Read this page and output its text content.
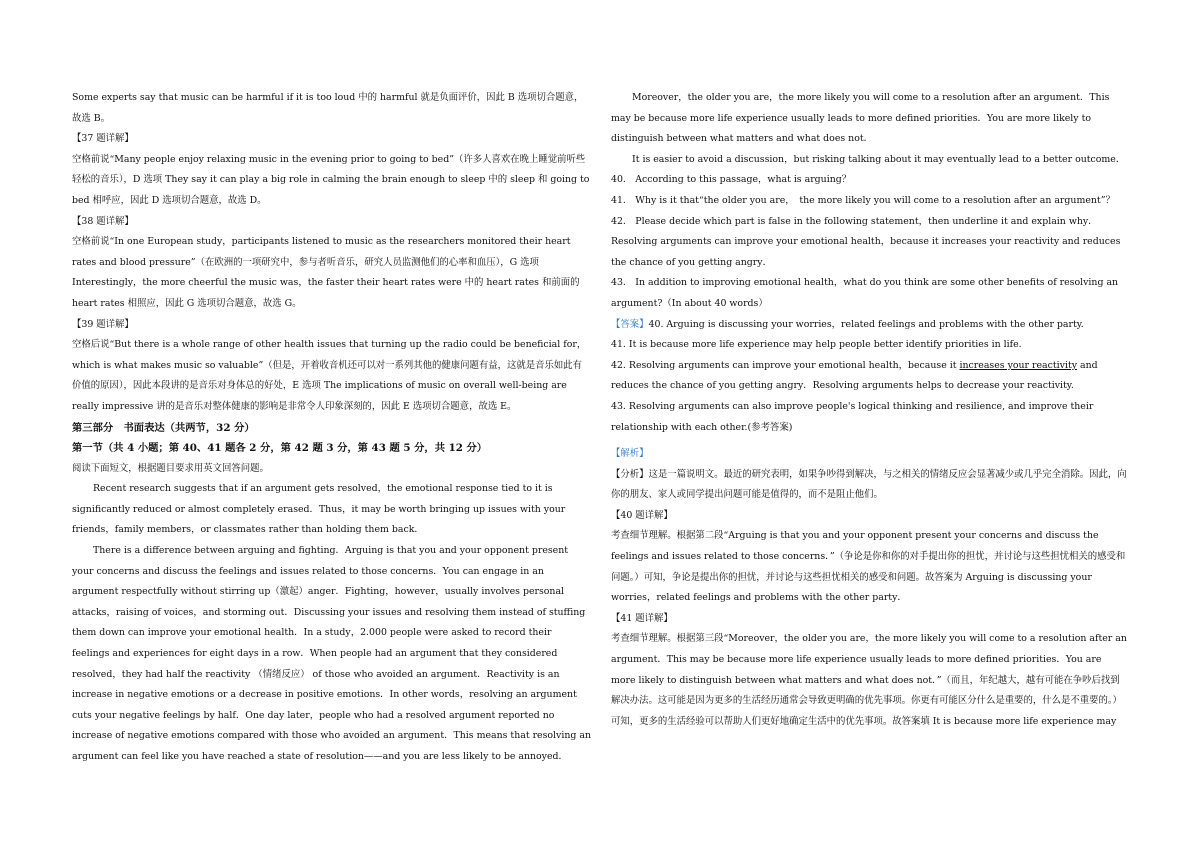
Some experts say that music can be harmful if it is too loud 中的 harmful 就是负面评价，因此 B 选项切合题意，故选 B。

【37 题详解】

空格前说“Many people enjoy relaxing music in the evening prior to going to bed”（许多人喜欢在晚上睡觉前听些轻松的音乐），D 选项 They say it can play a big role in calming the brain enough to sleep 中的 sleep 和 going to bed 相呼应，因此 D 选项切合题意，故选 D。

【38 题详解】

空格前说“In one European study，participants listened to music as the researchers monitored their heart rates and blood pressure”（在欧洲的一项研究中，参与者听音乐，研究人员监测他们的心率和血压），G 选项 Interestingly，the more cheerful the music was，the faster their heart rates were 中的 heart rates 和前面的 heart rates 相照应，因此 G 选项切合题意，故选 G。

【39 题详解】

空格后说“But there is a whole range of other health issues that turning up the radio could be beneficial for，which is what makes music so valuable”（但是，开着收音机还可以对一系列其他的健康问题有益，这就是音乐如此有价值的原因），因此本段讲的是音乐对身体总的好处，E 选项 The implications of music on overall well-being are really impressive 讲的是音乐对整体健康的影响是非常令人印象深刻的，因此 E 选项切合题意，故选 E。

第三部分　书面表达（共两节，32 分）

第一节（共 4 小题；第 40、41 题各 2 分，第 42 题 3 分，第 43 题 5 分，共 12 分）

阅读下面短文，根据题目要求用英文回答问题。

Recent research suggests that if an argument gets resolved，the emotional response tied to it is significantly reduced or almost completely erased．Thus，it may be worth bringing up issues with your friends，family members，or classmates rather than holding them back．

There is a difference between arguing and fighting．Arguing is that you and your opponent present your concerns and discuss the feelings and issues related to those concerns．You can engage in an argument respectfully without stirring up（激起）anger．Fighting，however，usually involves personal attacks，raising of voices，and storming out．Discussing your issues and resolving them instead of stuffing them down can improve your emotional health．In a study，2.000 people were asked to record their feelings and experiences for eight days in a row．When people had an argument that they considered resolved，they had half the reactivity （情绪反应） of those who avoided an argument．Reactivity is an increase in negative emotions or a decrease in positive emotions．In other words，resolving an argument cuts your negative feelings by half．One day later，people who had a resolved argument reported no increase of negative emotions compared with those who avoided an argument．This means that resolving an argument can feel like you have reached a state of resolution——and you are less likely to be annoyed．

Moreover，the older you are，the more likely you will come to a resolution after an argument．This may be because more life experience usually leads to more defined priorities．You are more likely to distinguish between what matters and what does not．

It is easier to avoid a discussion，but risking talking about it may eventually lead to a better outcome．

40.　According to this passage，what is arguing？

41.　Why is it that“the older you are，　the more likely you will come to a resolution after an argument”？

42.　Please decide which part is false in the following statement，then underline it and explain why．

Resolving arguments can improve your emotional health，because it increases your reactivity and reduces the chance of you getting angry．

43.　In addition to improving emotional health，what do you think are some other benefits of resolving an argument?（In about 40 words）

【答案】40. Arguing is discussing your worries，related feelings and problems with the other party.

41. It is because more life experience may help people better identify priorities in life.

42. Resolving arguments can improve your emotional health，because it increases your reactivity and reduces the chance of you getting angry．Resolving arguments helps to decrease your reactivity.

43. Resolving arguments can also improve people's logical thinking and resilience, and improve their relationship with each other.(参考答案)

【解析】

【分析】这是一篇说明文。最近的研究表明，如果争吵得到解决，与之相关的情绪反应会显著减少或几乎完全消除。因此，向你的朋友、家人或同学提出问题可能是值得的，而不是阻止他们。

【40 题详解】

考查细节理解。根据第二段“Arguing is that you and your opponent present your concerns and discuss the feelings and issues related to those concerns．”（争论是你和你的对手提出你的担忧，并讨论与这些担忧相关的感受和问题。）可知，争论是提出你的担忧，并讨论与这些担忧相关的感受和问题。故答案为 Arguing is discussing your worries，related feelings and problems with the other party．

【41 题详解】

考查细节理解。根据第三段“Moreover，the older you are，the more likely you will come to a resolution after an argument．This may be because more life experience usually leads to more defined priorities．You are more likely to distinguish between what matters and what does not．”（而且，年纪越大，越有可能在争吵后找到解决办法。这可能是因为更多的生活经历通常会导致更明确的优先事项。你更有可能区分什么是重要的，什么是不重要的。）可知，更多的生活经验可以帮助人们更好地确定生活中的优先事项。故答案填 It is because more life experience may
